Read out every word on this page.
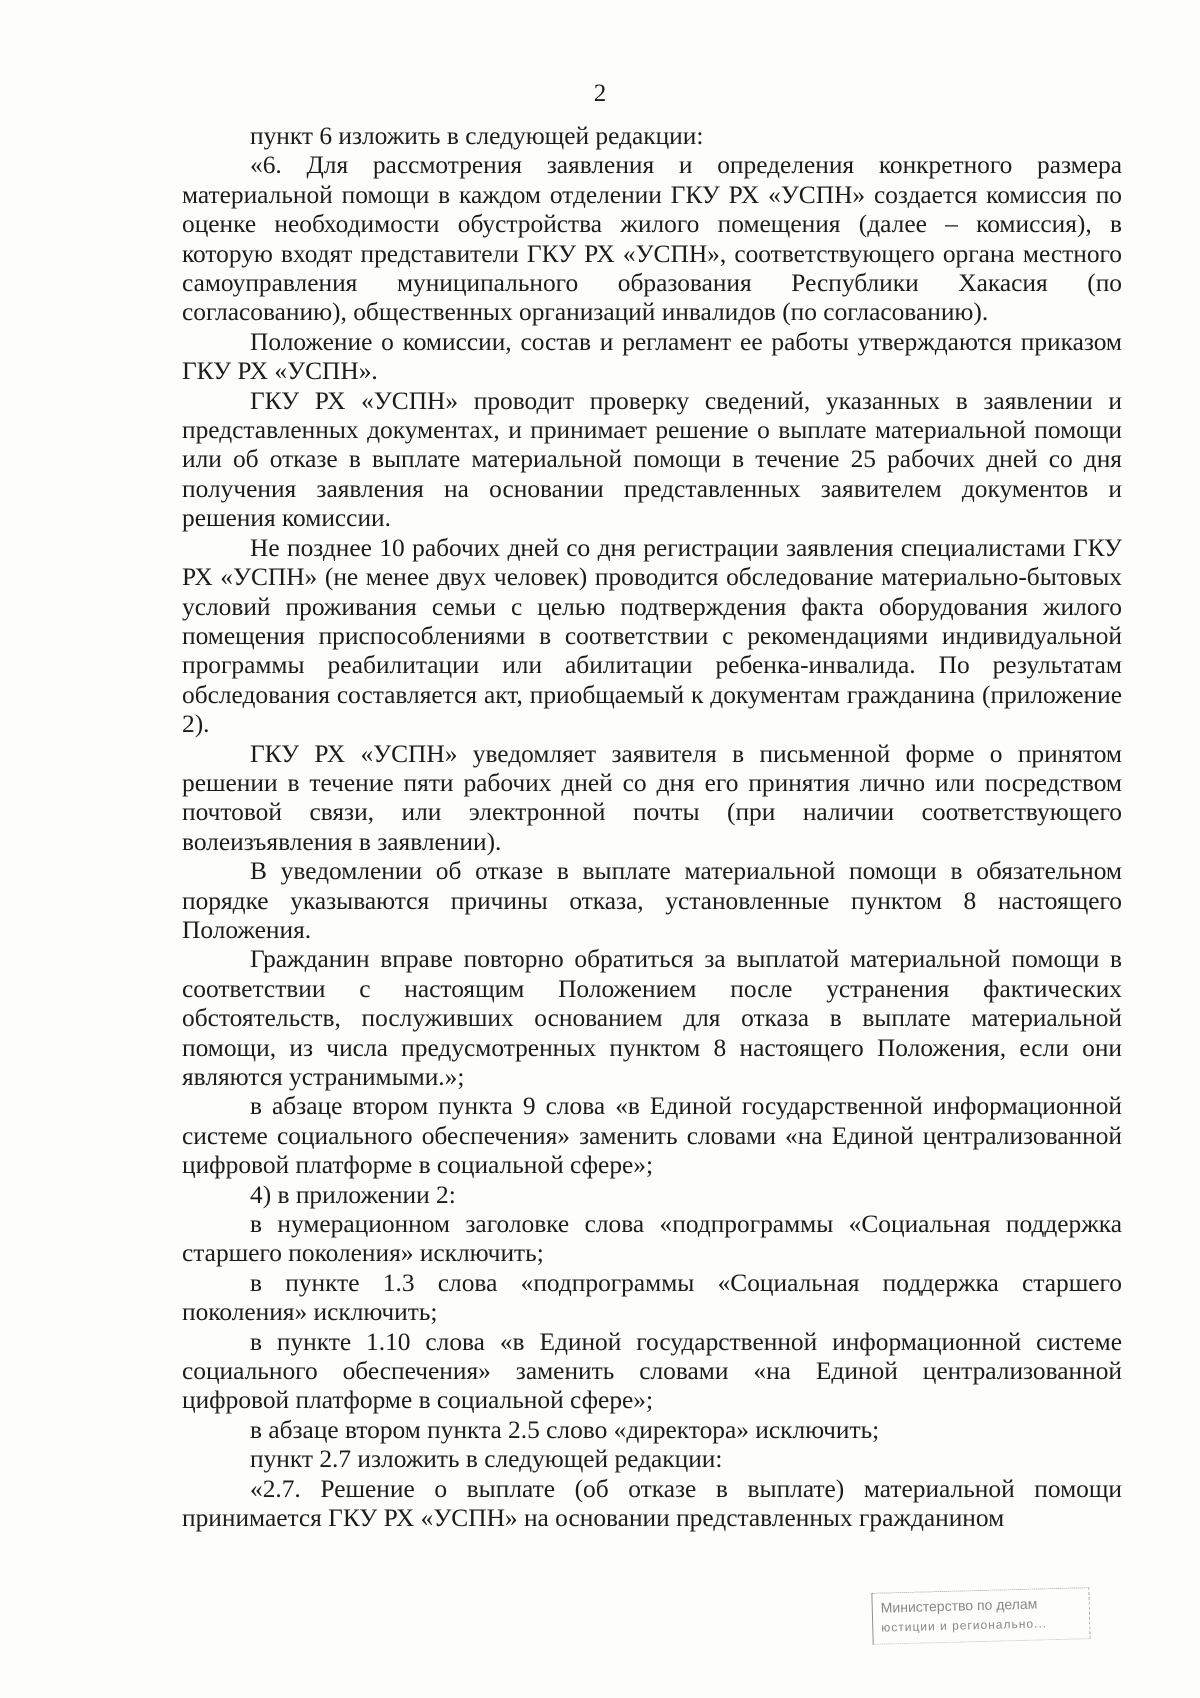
2

пункт 6 изложить в следующей редакции:

«6. Для рассмотрения заявления и определения конкретного размера материальной помощи в каждом отделении ГКУ РХ «УСПН» создается комиссия по оценке необходимости обустройства жилого помещения (далее – комиссия), в которую входят представители ГКУ РХ «УСПН», соответствующего органа местного самоуправления муниципального образования Республики Хакасия (по согласованию), общественных организаций инвалидов (по согласованию).

Положение о комиссии, состав и регламент ее работы утверждаются приказом ГКУ РХ «УСПН».

ГКУ РХ «УСПН» проводит проверку сведений, указанных в заявлении и представленных документах, и принимает решение о выплате материальной помощи или об отказе в выплате материальной помощи в течение 25 рабочих дней со дня получения заявления на основании представленных заявителем документов и решения комиссии.

Не позднее 10 рабочих дней со дня регистрации заявления специалистами ГКУ РХ «УСПН» (не менее двух человек) проводится обследование материально-бытовых условий проживания семьи с целью подтверждения факта оборудования жилого помещения приспособлениями в соответствии с рекомендациями индивидуальной программы реабилитации или абилитации ребенка-инвалида. По результатам обследования составляется акт, приобщаемый к документам гражданина (приложение 2).

ГКУ РХ «УСПН» уведомляет заявителя в письменной форме о принятом решении в течение пяти рабочих дней со дня его принятия лично или посредством почтовой связи, или электронной почты (при наличии соответствующего волеизъявления в заявлении).

В уведомлении об отказе в выплате материальной помощи в обязательном порядке указываются причины отказа, установленные пунктом 8 настоящего Положения.

Гражданин вправе повторно обратиться за выплатой материальной помощи в соответствии с настоящим Положением после устранения фактических обстоятельств, послуживших основанием для отказа в выплате материальной помощи, из числа предусмотренных пунктом 8 настоящего Положения, если они являются устранимыми.»;

в абзаце втором пункта 9 слова «в Единой государственной информационной системе социального обеспечения» заменить словами «на Единой централизованной цифровой платформе в социальной сфере»;

4) в приложении 2:

в нумерационном заголовке слова «подпрограммы «Социальная поддержка старшего поколения» исключить;

в пункте 1.3 слова «подпрограммы «Социальная поддержка старшего поколения» исключить;

в пункте 1.10 слова «в Единой государственной информационной системе социального обеспечения» заменить словами «на Единой централизованной цифровой платформе в социальной сфере»;

в абзаце втором пункта 2.5 слово «директора» исключить;

пункт 2.7 изложить в следующей редакции:

«2.7. Решение о выплате (об отказе в выплате) материальной помощи принимается ГКУ РХ «УСПН» на основании представленных гражданином

Министерство по делам
юстиции и регионально...
